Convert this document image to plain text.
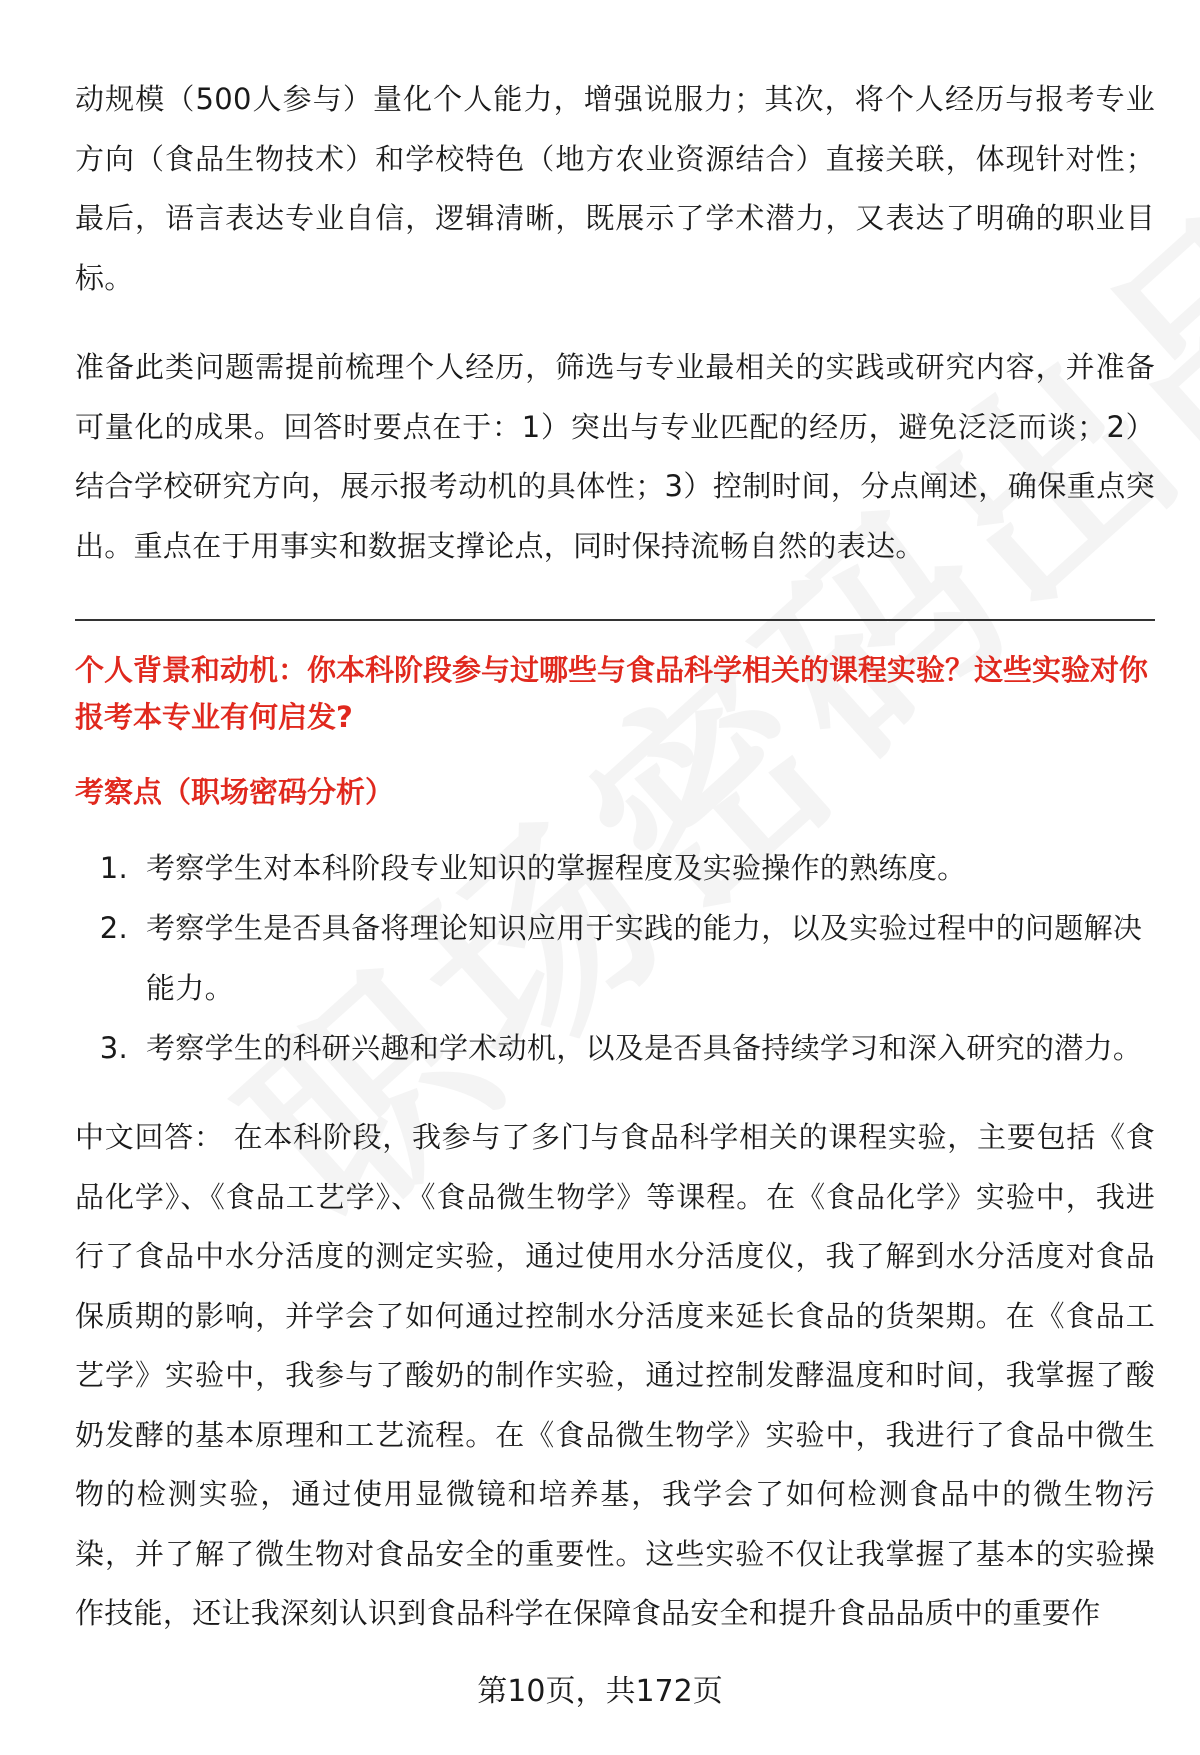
动规模（500人参与）量化个人能力，增强说服力；其次，将个人经历与报考专业方向（食品生物技术）和学校特色（地方农业资源结合）直接关联，体现针对性；最后，语言表达专业自信，逻辑清晰，既展示了学术潜力，又表达了明确的职业目标。

准备此类问题需提前梳理个人经历，筛选与专业最相关的实践或研究内容，并准备可量化的成果。回答时要点在于：1）突出与专业匹配的经历，避免泛泛而谈；2）结合学校研究方向，展示报考动机的具体性；3）控制时间，分点阐述，确保重点突出。重点在于用事实和数据支撑论点，同时保持流畅自然的表达。

个人背景和动机：你本科阶段参与过哪些与食品科学相关的课程实验？这些实验对你报考本专业有何启发?
考察点（职场密码分析）
1. 考察学生对本科阶段专业知识的掌握程度及实验操作的熟练度。
2. 考察学生是否具备将理论知识应用于实践的能力，以及实验过程中的问题解决能力。
3. 考察学生的科研兴趣和学术动机，以及是否具备持续学习和深入研究的潜力。

中文回答： 在本科阶段，我参与了多门与食品科学相关的课程实验，主要包括《食品化学》、《食品工艺学》、《食品微生物学》等课程。在《食品化学》实验中，我进行了食品中水分活度的测定实验，通过使用水分活度仪，我了解到水分活度对食品保质期的影响，并学会了如何通过控制水分活度来延长食品的货架期。在《食品工艺学》实验中，我参与了酸奶的制作实验，通过控制发酵温度和时间，我掌握了酸奶发酵的基本原理和工艺流程。在《食品微生物学》实验中，我进行了食品中微生物的检测实验，通过使用显微镜和培养基，我学会了如何检测食品中的微生物污染，并了解了微生物对食品安全的重要性。这些实验不仅让我掌握了基本的实验操作技能，还让我深刻认识到食品科学在保障食品安全和提升食品品质中的重要作

第10页，共172页
